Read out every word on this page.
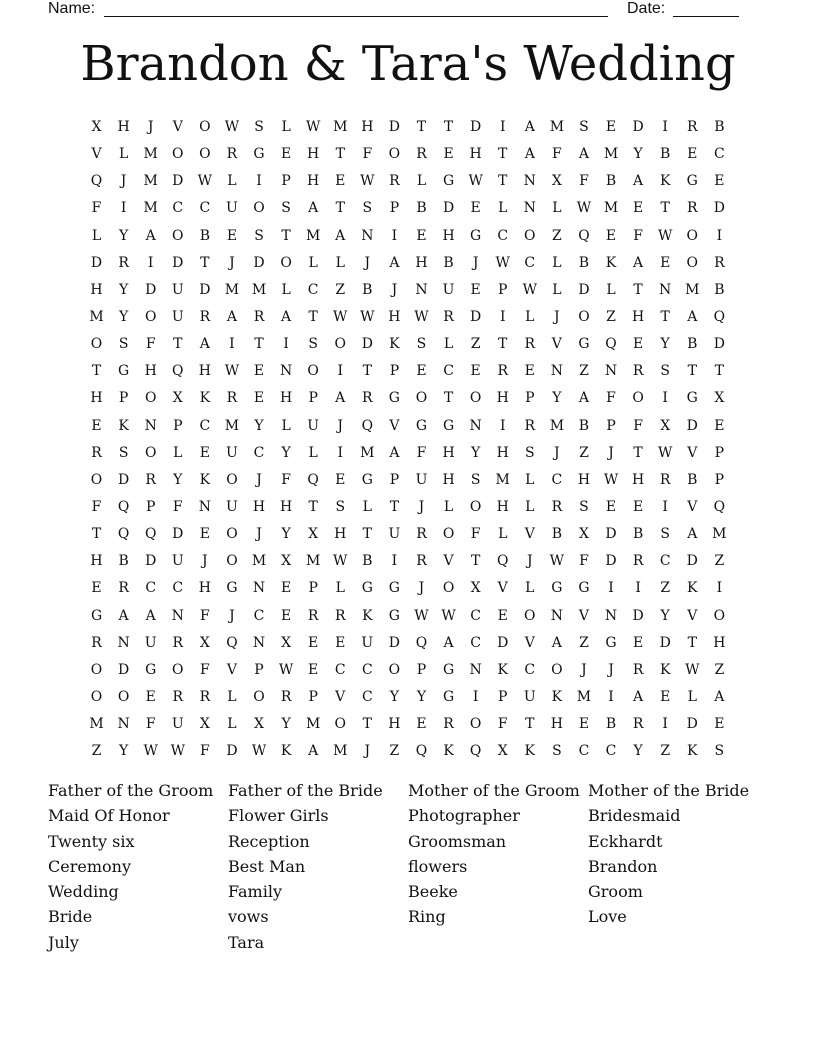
Name:	Date:
Brandon & Tara's Wedding
X	H	J	V	O	W	S	L	W M H	D	T	T	D	I	A	M	S	E	D	I	R	B
V	L	M	O	O	R	G	E	H	T	F	O	R	E	H	T	A	F	A	M	Y	B	E	C
Q	J	M	D	W	L	I	P	H	E	W	R	L	G	W	T	N	X	F	B	A	K	G	E
F	I	M	C	C	U	O	S	A	T	S	P	B	D	E	L	N	L	W M	E	T	R	D
L	Y	A	O	B	E	S	T	M	A	N	I	E	H	G	C	O	Z	Q	E	F	W	O	I
D	R	I	D	T	J	D	O	L	L	J	A	H	B	J	W	C	L	B	K	A	E	O	R
H	Y	D	U	D	M M	L	C	Z	B	J	N	U	E	P	W	L	D	L	T	N M	B
M	Y	O	U	R	A	R	A	T	W W H W	R	D	I	L	J	O	Z	H	T	A	Q
O	S	F	T	A	I	T	I	S	O	D	K	S	L	Z	T	R	V	G	Q	E	Y	B	D
T	G	H	Q	H W	E	N	O	I	T	P	E	C	E	R	E	N	Z	N	R	S	T	T
H	P	O	X	K	R	E	H	P	A	R	G	O	T	O	H	P	Y	A	F	O	I	G	X
E	K	N	P	C	M	Y	L	U	J	Q	V	G	G	N	I	R	M	B	P	F	X	D	E
R	S	O	L	E	U	C	Y	L	I	M	A	F	H	Y	H	S	J	Z	J	T	W	V	P
O	D	R	Y	K	O	J	F	Q	E	G	P	U	H	S	M	L	C	H W H	R	B	P
F	Q	P	F	N	U	H	H	T	S	L	T	J	L	O	H	L	R	S	E	E	I	V	Q
T	Q	Q	D	E	O	J	Y	X	H	T	U	R	O	F	L	V	B	X	D	B	S	A	M
H	B	D	U	J	O	M	X	M W	B	I	R	V	T	Q	J	W	F	D	R	C	D	Z
E	R	C	C	H	G	N	E	P	L	G	G	J	O	X	V	L	G	G	I	I	Z	K	I
G	A	A	N	F	J	C	E	R	R	K	G	W W	C	E	O	N	V	N	D	Y	V	O
R	N	U	R	X	Q	N	X	E	E	U	D	Q	A	C	D	V	A	Z	G	E	D	T	H
O	D	G	O	F	V	P	W	E	C	C	O	P	G	N	K	C	O	J	J	R	K	W	Z
O	O	E	R	R	L	O	R	P	V	C	Y	Y	G	I	P	U	K	M	I	A	E	L	A
M N	F	U	X	L	X	Y	M	O	T	H	E	R	O	F	T	H	E	B	R	I	D	E
Z	Y	W W	F	D	W	K	A	M	J	Z	Q	K	Q	X	K	S	C	C	Y	Z	K	S
Father of the Groom
Maid Of Honor
Twenty six
Ceremony
Wedding
Bride
July
Father of the Bride
Flower Girls
Reception
Best Man
Family
vows
Tara
Mother of the Groom
Photographer
Groomsman
flowers
Beeke
Ring
Mother of the Bride
Bridesmaid
Eckhardt
Brandon
Groom
Love
